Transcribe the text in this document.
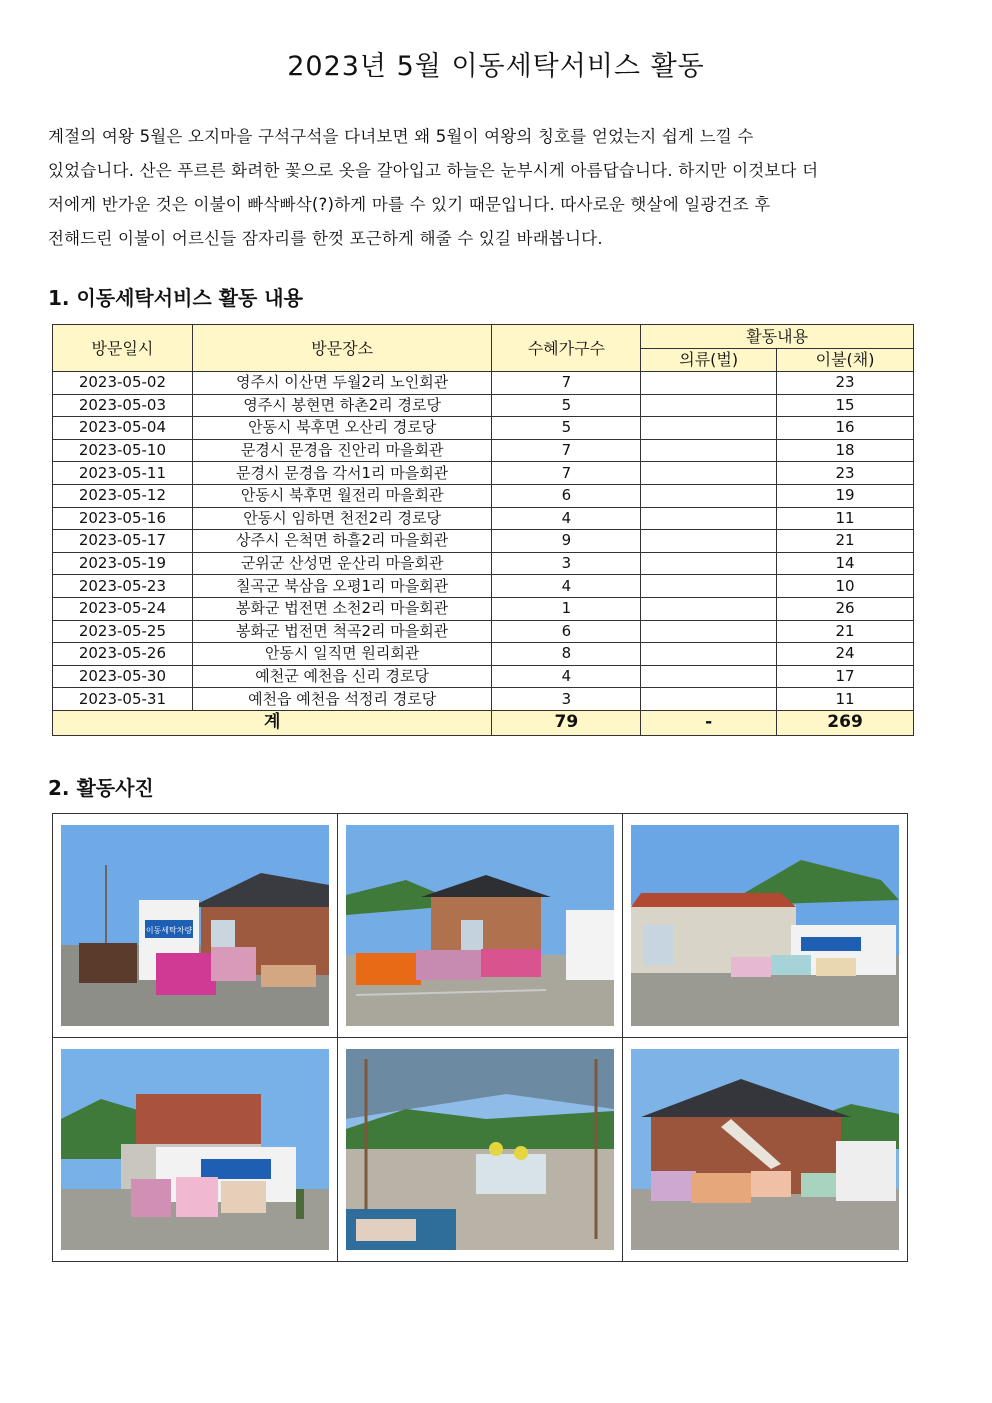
2023년 5월 이동세탁서비스 활동
계절의 여왕 5월은 오지마을 구석구석을 다녀보면 왜 5월이 여왕의 칭호를 얻었는지 쉽게 느낄 수
있었습니다. 산은 푸르른 화려한 꽃으로 옷을 갈아입고 하늘은 눈부시게 아름답습니다. 하지만 이것보다 더
저에게 반가운 것은 이불이 빠삭빠삭(?)하게 마를 수 있기 때문입니다. 따사로운 햇살에 일광건조 후
전해드린 이불이 어르신들 잠자리를 한껏 포근하게 해줄 수 있길 바래봅니다.
1. 이동세탁서비스 활동 내용
방문일시	방문장소	수혜가구수	활동내용	
			의류(벌)	이불(채)
2023-05-02	영주시 이산면 두월2리 노인회관	7		23
2023-05-03	영주시 봉현면 하촌2리 경로당	5		15
2023-05-04	안동시 북후면 오산리 경로당	5		16
2023-05-10	문경시 문경읍 진안리 마을회관	7		18
2023-05-11	문경시 문경읍 각서1리 마을회관	7		23
2023-05-12	안동시 북후면 월전리 마을회관	6		19
2023-05-16	안동시 임하면 천전2리 경로당	4		11
2023-05-17	상주시 은척면 하흘2리 마을회관	9		21
2023-05-19	군위군 산성면 운산리 마을회관	3		14
2023-05-23	칠곡군 북삼읍 오평1리 마을회관	4		10
2023-05-24	봉화군 법전면 소천2리 마을회관	1		26
2023-05-25	봉화군 법전면 척곡2리 마을회관	6		21
2023-05-26	안동시 일직면 원리회관	8		24
2023-05-30	예천군 예천읍 신리 경로당	4		17
2023-05-31	예천읍 예천읍 석정리 경로당	3		11
계		79	-	269
2. 활동사진
이동세탁차량
